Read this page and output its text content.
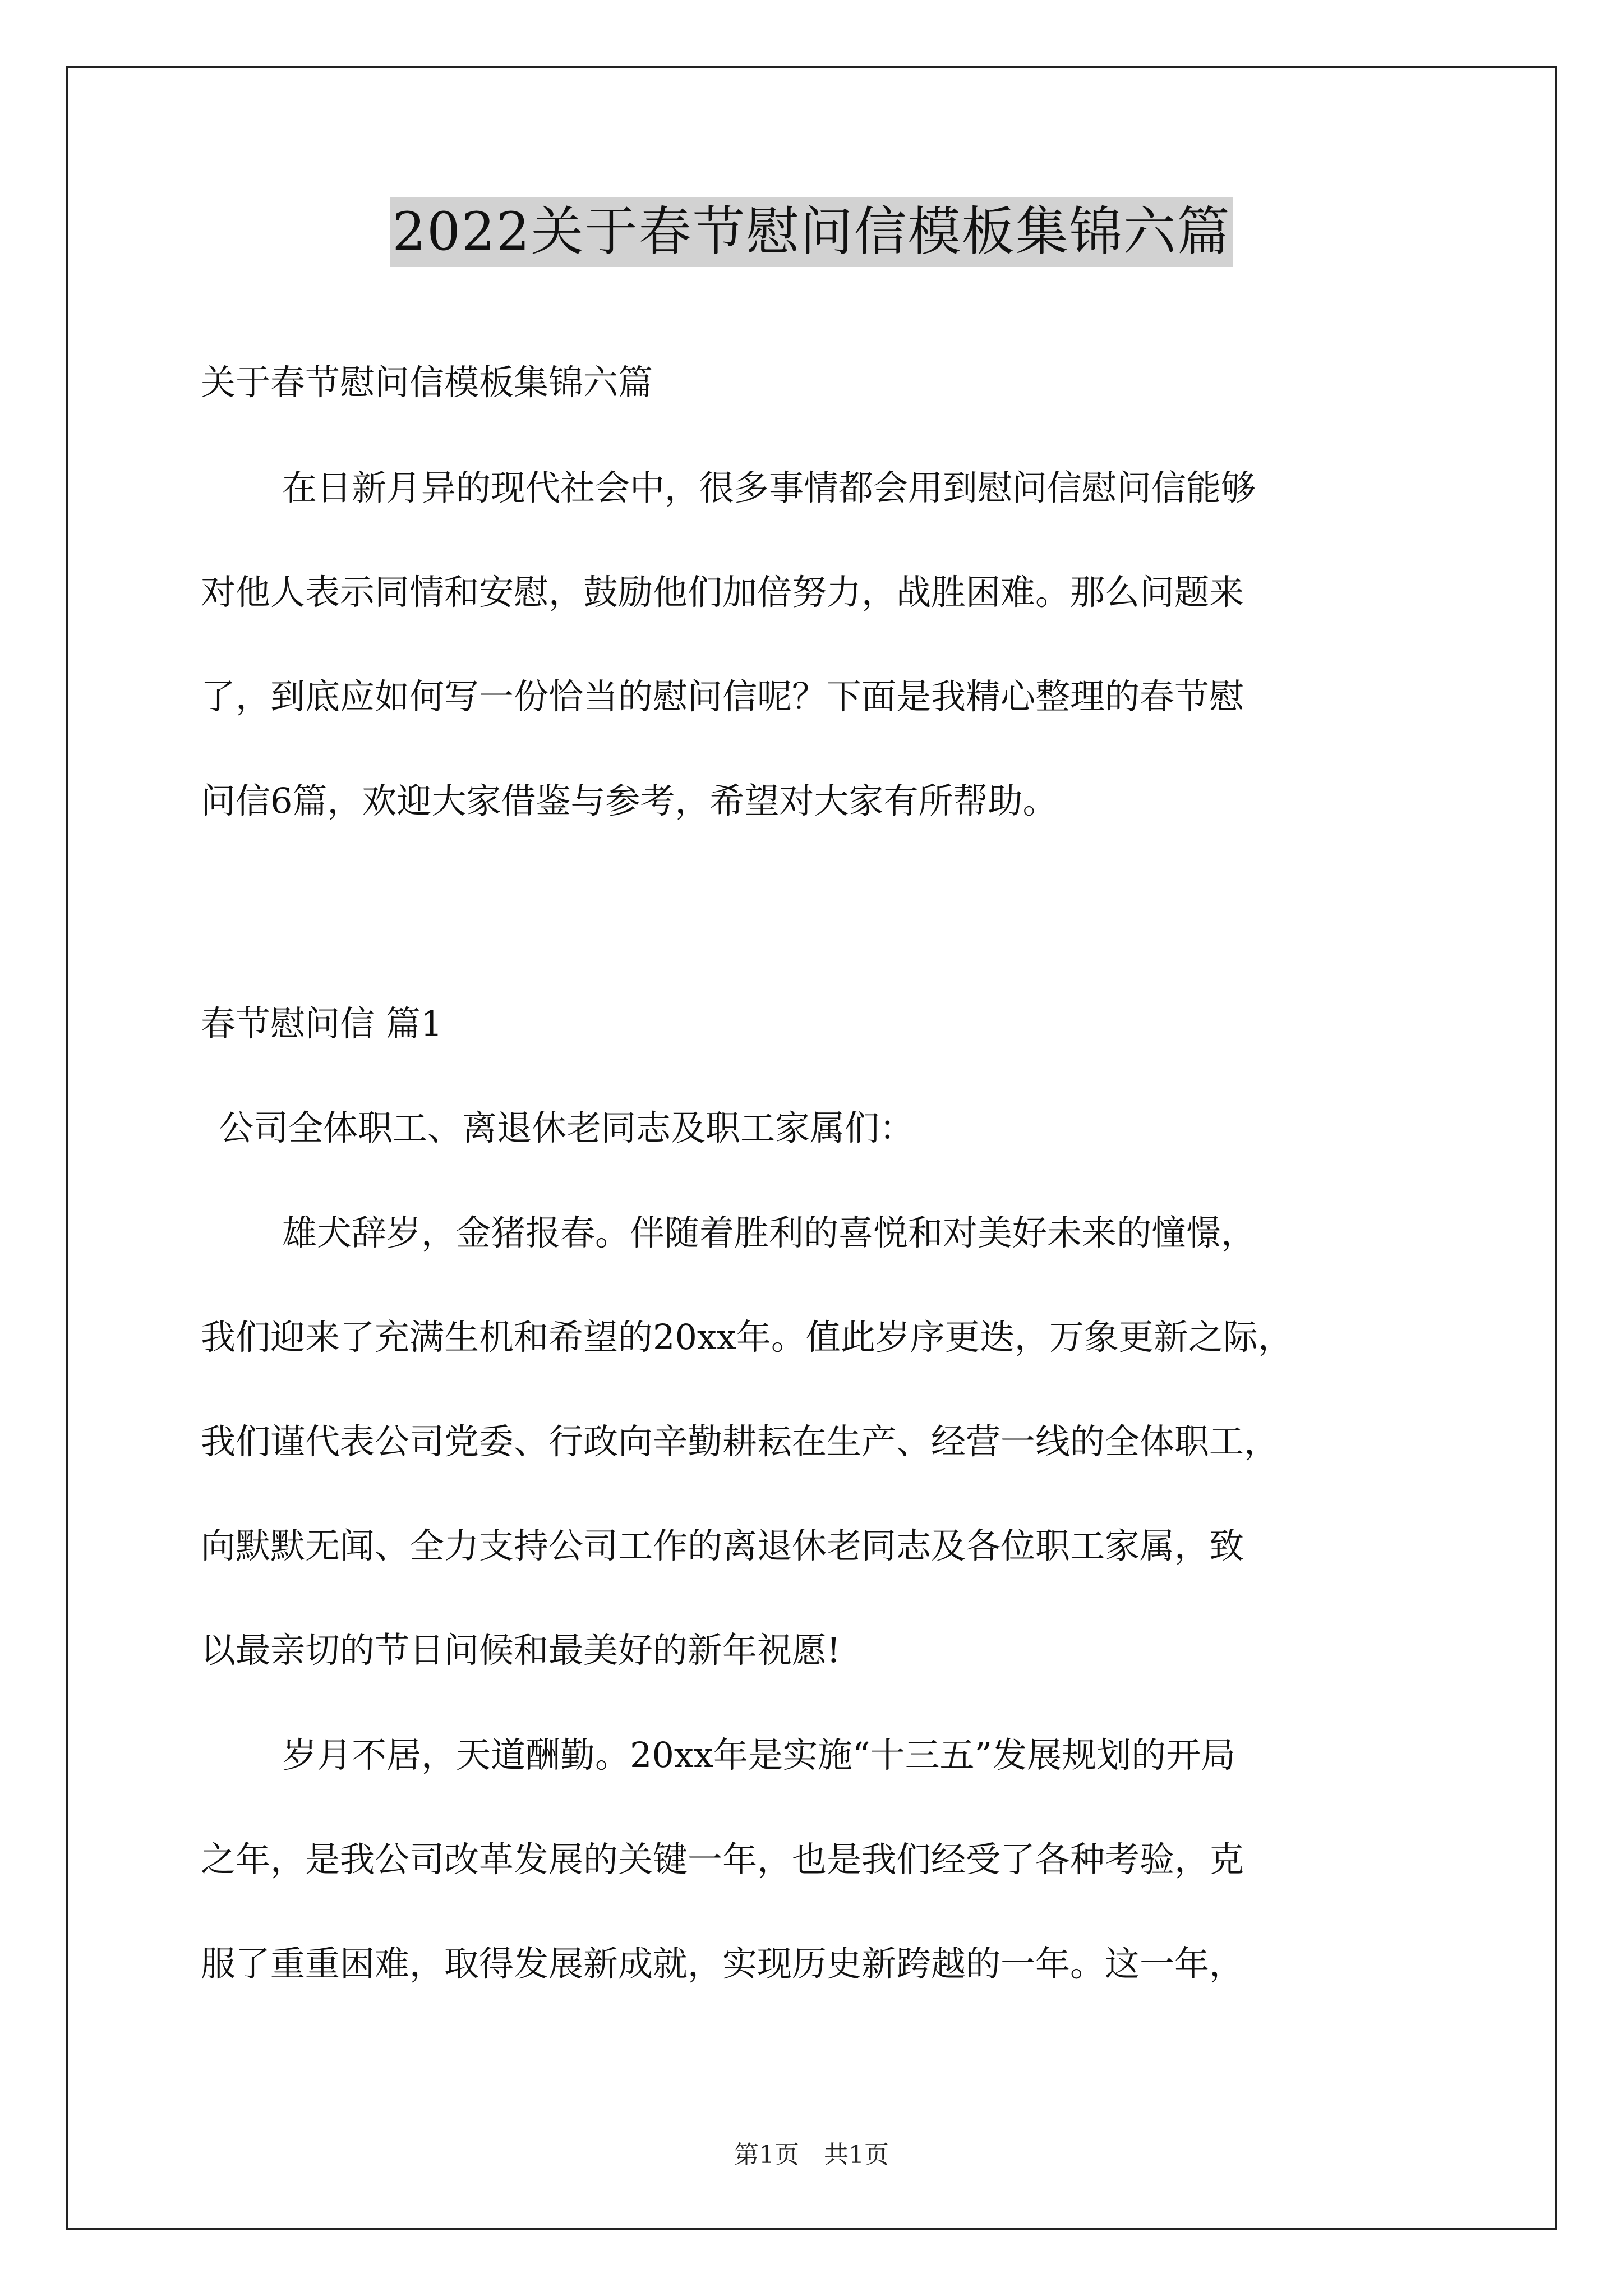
2022关于春节慰问信模板集锦六篇
关于春节慰问信模板集锦六篇
在日新月异的现代社会中，很多事情都会用到慰问信慰问信能够
对他人表示同情和安慰，鼓励他们加倍努力，战胜困难。那么问题来
了，到底应如何写一份恰当的慰问信呢？下面是我精心整理的春节慰
问信6篇，欢迎大家借鉴与参考，希望对大家有所帮助。
春节慰问信 篇1
公司全体职工、离退休老同志及职工家属们：
雄犬辞岁，金猪报春。伴随着胜利的喜悦和对美好未来的憧憬，
我们迎来了充满生机和希望的20xx年。值此岁序更迭，万象更新之际，
我们谨代表公司党委、行政向辛勤耕耘在生产、经营一线的全体职工，
向默默无闻、全力支持公司工作的离退休老同志及各位职工家属，致
以最亲切的节日问候和最美好的新年祝愿!
岁月不居，天道酬勤。20xx年是实施“十三五”发展规划的开局
之年，是我公司改革发展的关键一年，也是我们经受了各种考验，克
服了重重困难，取得发展新成就，实现历史新跨越的一年。这一年，
第1页　共1页
